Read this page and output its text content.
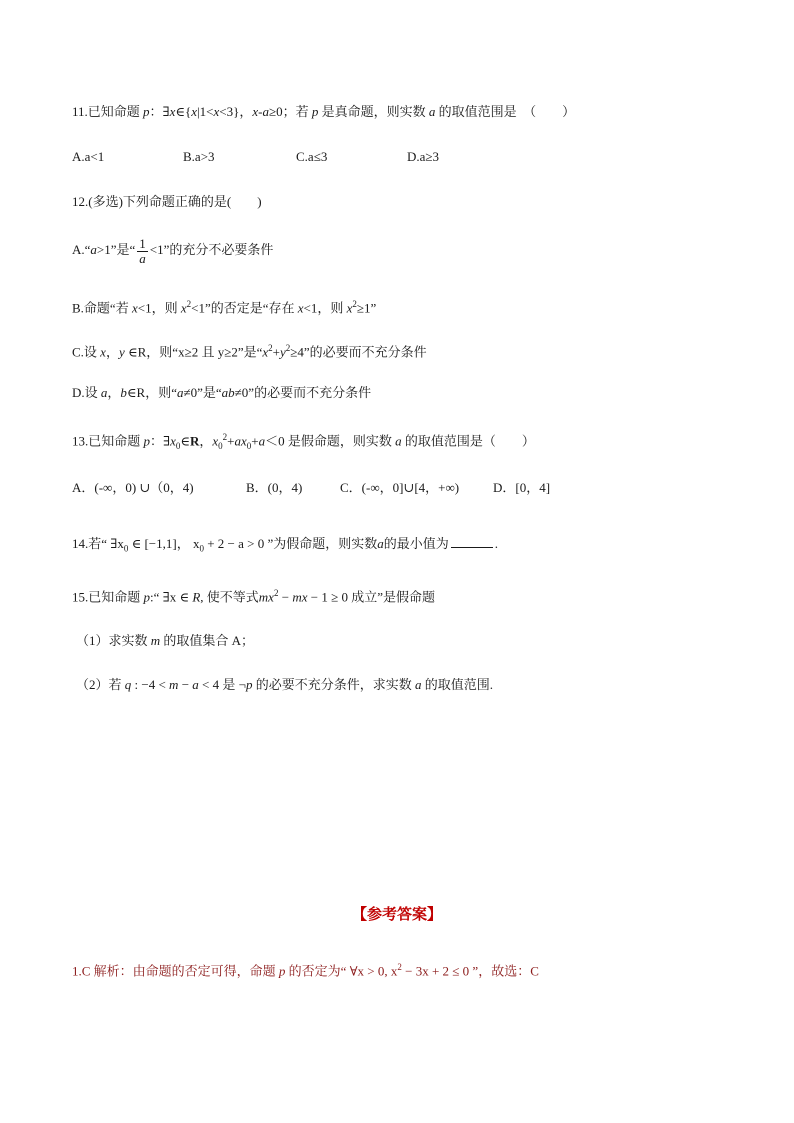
11.已知命题 p：∃x∈{x|1<x<3}，x-a≥0；若 p 是真命题，则实数 a 的取值范围是　（　　）
A.a<1	B.a>3	C.a≤3	D.a≥3
12.(多选)下列命题正确的是(　　)
A.“a>1”是“ $\frac{1}{a} <1$”的充分不必要条件
B.命题“若 x<1，则 $x^2<1$”的否定是“存在 x<1，则 $x^2\ge 1$”
C.设 x，y ∈R，则“x≥2 且 y≥2”是“$x^2+y^2\ge 4$”的必要而不充分条件
D.设 a，b∈R，则“a≠0”是“ab≠0”的必要而不充分条件
13.已知命题 p：$\exists x_0\in R$，$x_0^2+ax_0+a<0$ 是假命题，则实数 a 的取值范围是（　　）
A．(-∞，0) ∪（0，4)	B．(0，4)	C．(-∞，0]∪[4，+∞)	D．[0，4]
14.若“ $\exists x_0$ ∈ [−1,1]， $x_0 + 2 - a > 0$ ”为假命题，则实数a的最小值为	.
15.已知命题 p:“ ∃x ∈ R, 使不等式$mx^2$ − mx − 1 ≥ 0 成立”是假命题
（1）求实数 m 的取值集合 A；
（2）若 q : −4 < m − a < 4 是 ¬p 的必要不充分条件，求实数 a 的取值范围.
【参考答案】
1.C 解析：由命题的否定可得，命题 p 的否定为“ ∀x > 0, $x^2 - 3x + 2 \le 0$ ”，故选：C
